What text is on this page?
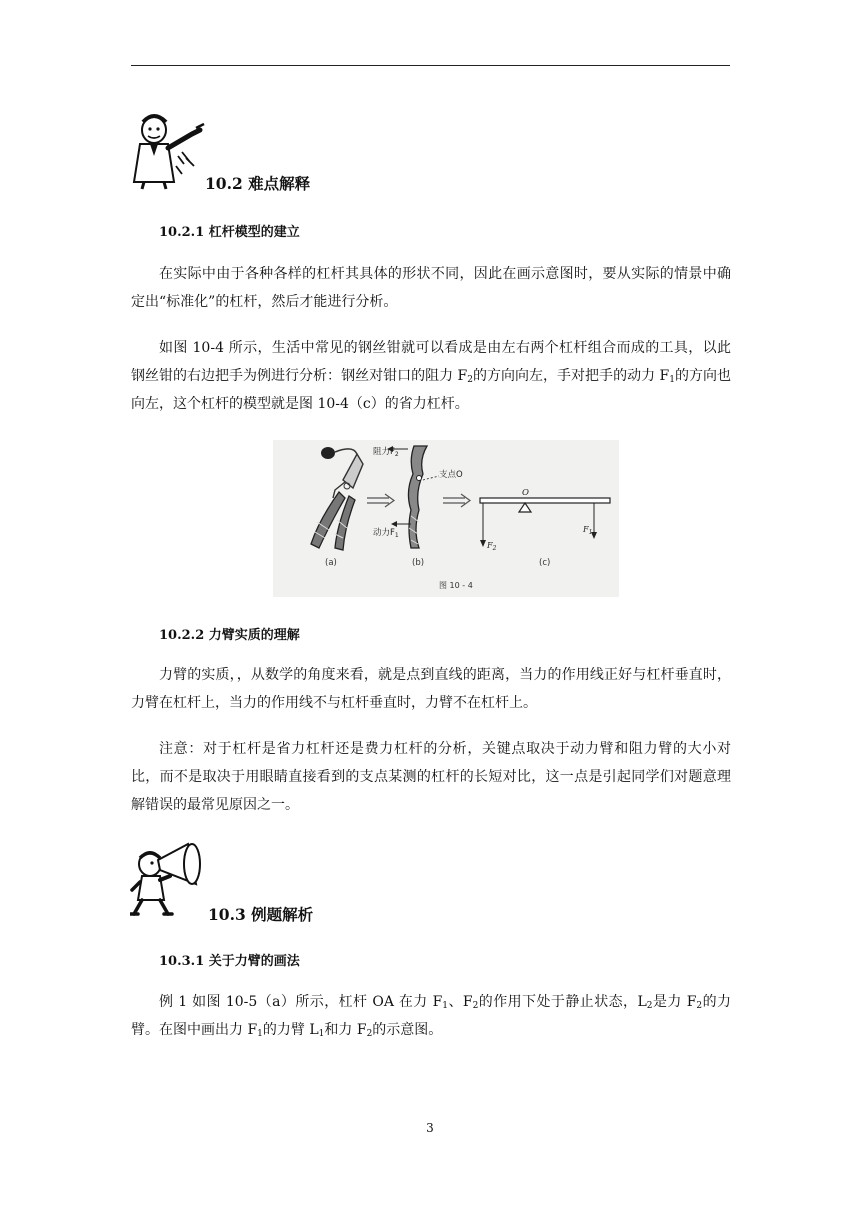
10.2 难点解释
10.2.1 杠杆模型的建立

在实际中由于各种各样的杠杆其具体的形状不同，因此在画示意图时，要从实际的情景中确定出“标准化”的杠杆，然后才能进行分析。

如图 10-4 所示，生活中常见的钢丝钳就可以看成是由左右两个杠杆组合而成的工具，以此钢丝钳的右边把手为例进行分析：钢丝对钳口的阻力 $F_2$的方向向左，手对把手的动力 $F_1$的方向也向左，这个杠杆的模型就是图 10-4（c）的省力杠杆。

(a)
阻力$F_2$
支点O
动力$F_1$
(b)
O
$F_2$
$F_1$
(c)
图 10 - 4
10.2.2 力臂实质的理解

力臂的实质，，从数学的角度来看，就是点到直线的距离，当力的作用线正好与杠杆垂直时，力臂在杠杆上，当力的作用线不与杠杆垂直时，力臂不在杠杆上。

注意：对于杠杆是省力杠杆还是费力杠杆的分析，关键点取决于动力臂和阻力臂的大小对比，而不是取决于用眼睛直接看到的支点某测的杠杆的长短对比，这一点是引起同学们对题意理解错误的最常见原因之一。

10.3 例题解析
10.3.1 关于力臂的画法

例 1 如图 10-5（a）所示，杠杆 OA 在力 $F_1$、$F_2$的作用下处于静止状态，$L_2$是力 $F_2$的力臂。在图中画出力 $F_1$的力臂 $L_1$和力 $F_2$的示意图。

3
